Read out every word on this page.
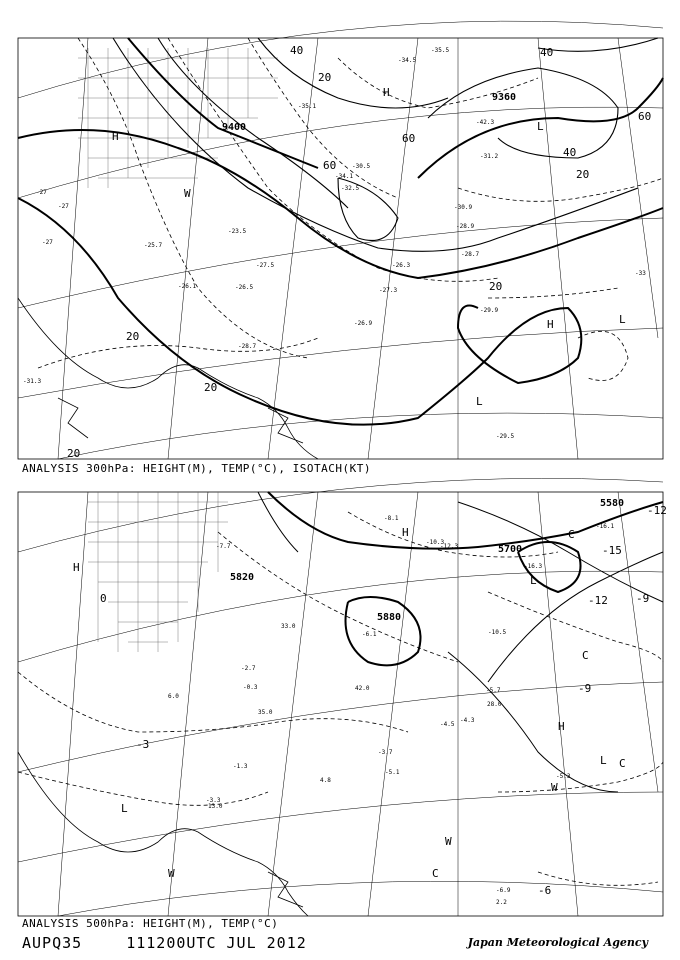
9360
9400
20
20
20
20
20
40	40
60
60
40
20
60
-27
-27
-27
-26.1
-25.7
-26.5
-23.5
-27.5
-26.9
-28.7
-31.3
-34.1
-32.5
-30.5
-35.1
-33
-29.5
-29.9
-30.9
-28.9
-28.7
-27.3
-26.3
-42.3
-31.2
-35.5
-34.5
H
H
H
L
L
L
W
ANALYSIS 300hPa: HEIGHT(M), TEMP(°C), ISOTACH(KT)
5580
5700
5820
5880
-3
-6
-9
-12
-15
-12
-9
0
-8.1
-7.7
-6.1
-5.1
-5.7
-4.5
-3.7
-2.7
-1.3
-0.3
-3.3
-5.3
-6.9
-4.3
-10.3
-10.5
-16.3
-16.1
-12.3
13.0
28.0
35.0
42.0
33.0
2.2
4.8
6.0
H
H
H
L
L
L
W
W
W
C
C
C
C
ANALYSIS 500hPa: HEIGHT(M), TEMP(°C)
AUPQ35	111200UTC JUL 2012	Japan Meteorological Agency
